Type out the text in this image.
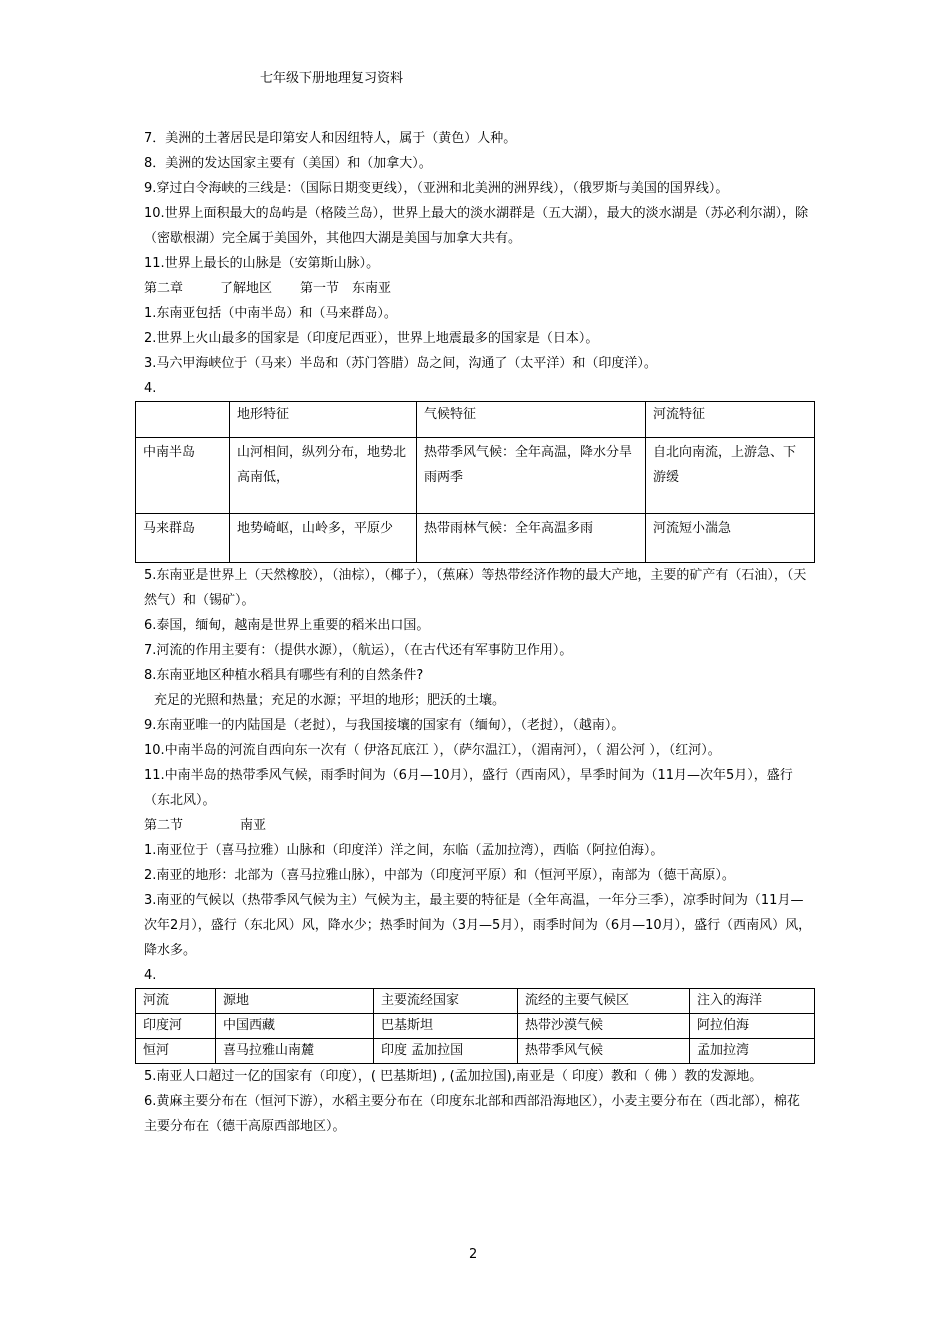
七年级下册地理复习资料

7．美洲的土著居民是印第安人和因纽特人，属于（黄色）人种。

8．美洲的发达国家主要有（美国）和（加拿大）。

9.穿过白令海峡的三线是：（国际日期变更线），（亚洲和北美洲的洲界线），（俄罗斯与美国的国界线）。

10.世界上面积最大的岛屿是（格陵兰岛），世界上最大的淡水湖群是（五大湖），最大的淡水湖是（苏必利尔湖），除（密歇根湖）完全属于美国外，其他四大湖是美国与加拿大共有。

11.世界上最长的山脉是（安第斯山脉）。

第二章	了解地区 第一节 东南亚

1.东南亚包括（中南半岛）和（马来群岛）。

2.世界上火山最多的国家是（印度尼西亚），世界上地震最多的国家是（日本）。

3.马六甲海峡位于（马来）半岛和（苏门答腊）岛之间，沟通了（太平洋）和（印度洋）。

4.

	地形特征	气候特征	河流特征
中南半岛	山河相间，纵列分布，地势北高南低，	热带季风气候：全年高温，降水分旱雨两季	自北向南流，上游急、下游缓
马来群岛	地势崎岖，山岭多，平原少	热带雨林气候：全年高温多雨	河流短小湍急

5.东南亚是世界上（天然橡胶），（油棕），（椰子），（蕉麻）等热带经济作物的最大产地，主要的矿产有（石油），（天然气）和（锡矿）。

6.泰国，缅甸，越南是世界上重要的稻米出口国。

7.河流的作用主要有：（提供水源），（航运），（在古代还有军事防卫作用）。

8.东南亚地区种植水稻具有哪些有利的自然条件?

充足的光照和热量；充足的水源；平坦的地形；肥沃的土壤。

9.东南亚唯一的内陆国是（老挝），与我国接壤的国家有（缅甸），（老挝），（越南）。

10.中南半岛的河流自西向东一次有（ 伊洛瓦底江 ），（萨尔温江），（湄南河），（ 湄公河 ），（红河）。

11.中南半岛的热带季风气候，雨季时间为（6月—10月），盛行（西南风），旱季时间为（11月—次年5月），盛行（东北风）。

第二节	南亚

1.南亚位于（喜马拉雅）山脉和（印度洋）洋之间，东临（孟加拉湾），西临（阿拉伯海）。

2.南亚的地形：北部为（喜马拉雅山脉），中部为（印度河平原）和（恒河平原），南部为（德干高原）。

3.南亚的气候以（热带季风气候为主）气候为主，最主要的特征是（全年高温，一年分三季），凉季时间为（11月—次年2月），盛行（东北风）风，降水少；热季时间为（3月—5月），雨季时间为（6月—10月），盛行（西南风）风，降水多。

4.

河流	源地	主要流经国家	流经的主要气候区	注入的海洋
印度河	中国西藏	巴基斯坦	热带沙漠气候	阿拉伯海
恒河	喜马拉雅山南麓	印度 孟加拉国	热带季风气候	孟加拉湾

5.南亚人口超过一亿的国家有（印度），( 巴基斯坦) , (孟加拉国),南亚是（ 印度）教和（ 佛 ）教的发源地。

6.黄麻主要分布在（恒河下游），水稻主要分布在（印度东北部和西部沿海地区），小麦主要分布在（西北部），棉花主要分布在（德干高原西部地区）。

2
